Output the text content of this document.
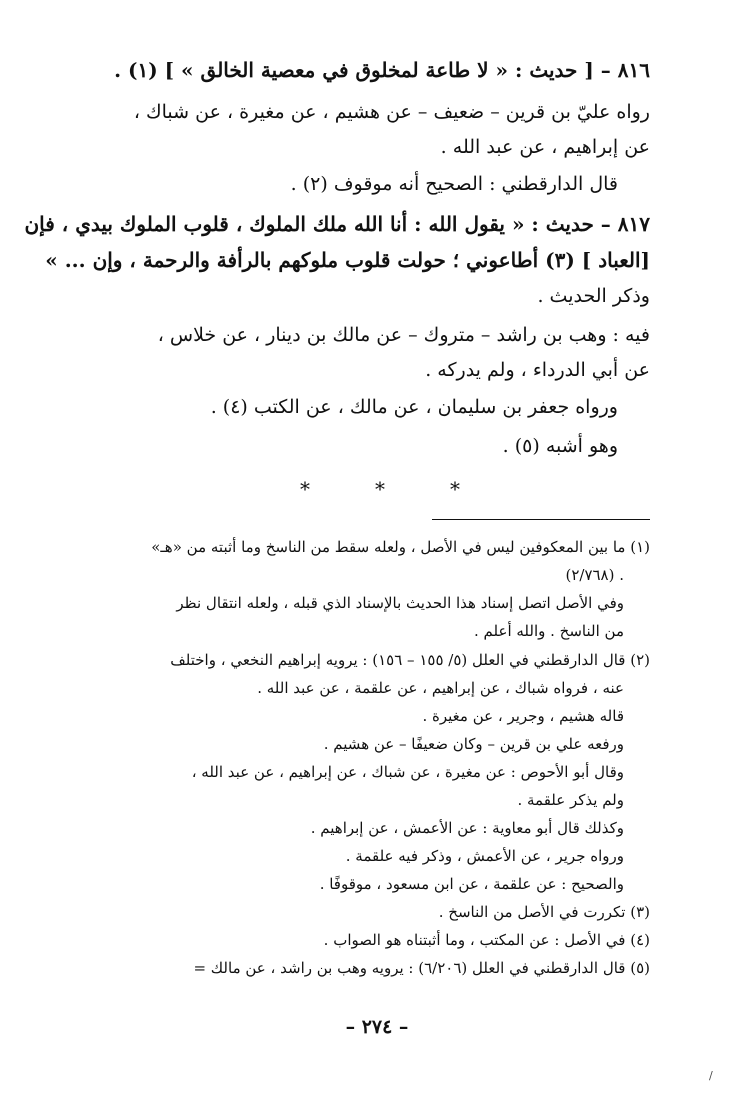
٨١٦ – [ حديث : « لا طاعة لمخلوق في معصية الخالق » ] (١) .
رواه عليّ بن قرين – ضعيف – عن هشيم ، عن مغيرة ، عن شباك ،
عن إبراهيم ، عن عبد الله .
قال الدارقطني : الصحيح أنه موقوف (٢) .
٨١٧ – حديث : « يقول الله : أنا الله ملك الملوك ، قلوب الملوك بيدي ، فإن
[العباد ] (٣) أطاعوني ؛ حولت قلوب ملوكهم بالرأفة والرحمة ، وإن ... »
وذكر الحديث .
فيه : وهب بن راشد – متروك – عن مالك بن دينار ، عن خلاس ،
عن أبي الدرداء ، ولم يدركه .
ورواه جعفر بن سليمان ، عن مالك ، عن الكتب (٤) .
وهو أشبه (٥) .
*	*	*
(١) ما بين المعكوفين ليس في الأصل ، ولعله سقط من الناسخ وما أثبته من «هـ»
(٢/٧٦٨) .
وفي الأصل اتصل إسناد هذا الحديث بالإسناد الذي قبله ، ولعله انتقال نظر
من الناسخ . والله أعلم .
(٢) قال الدارقطني في العلل (٥/ ١٥٥ – ١٥٦) : يرويه إبراهيم النخعي ، واختلف
عنه ، فرواه شباك ، عن إبراهيم ، عن علقمة ، عن عبد الله .
قاله هشيم ، وجرير ، عن مغيرة .
ورفعه علي بن قرين – وكان ضعيفًا – عن هشيم .
وقال أبو الأحوص : عن مغيرة ، عن شباك ، عن إبراهيم ، عن عبد الله ،
ولم يذكر علقمة .
وكذلك قال أبو معاوية : عن الأعمش ، عن إبراهيم .
ورواه جرير ، عن الأعمش ، وذكر فيه علقمة .
والصحيح : عن علقمة ، عن ابن مسعود ، موقوفًا .
(٣) تكررت في الأصل من الناسخ .
(٤) في الأصل : عن المكتب ، وما أثبتناه هو الصواب .
(٥) قال الدارقطني في العلل (٦/٢٠٦) : يرويه وهب بن راشد ، عن مالك =
– ٢٧٤ –
/
